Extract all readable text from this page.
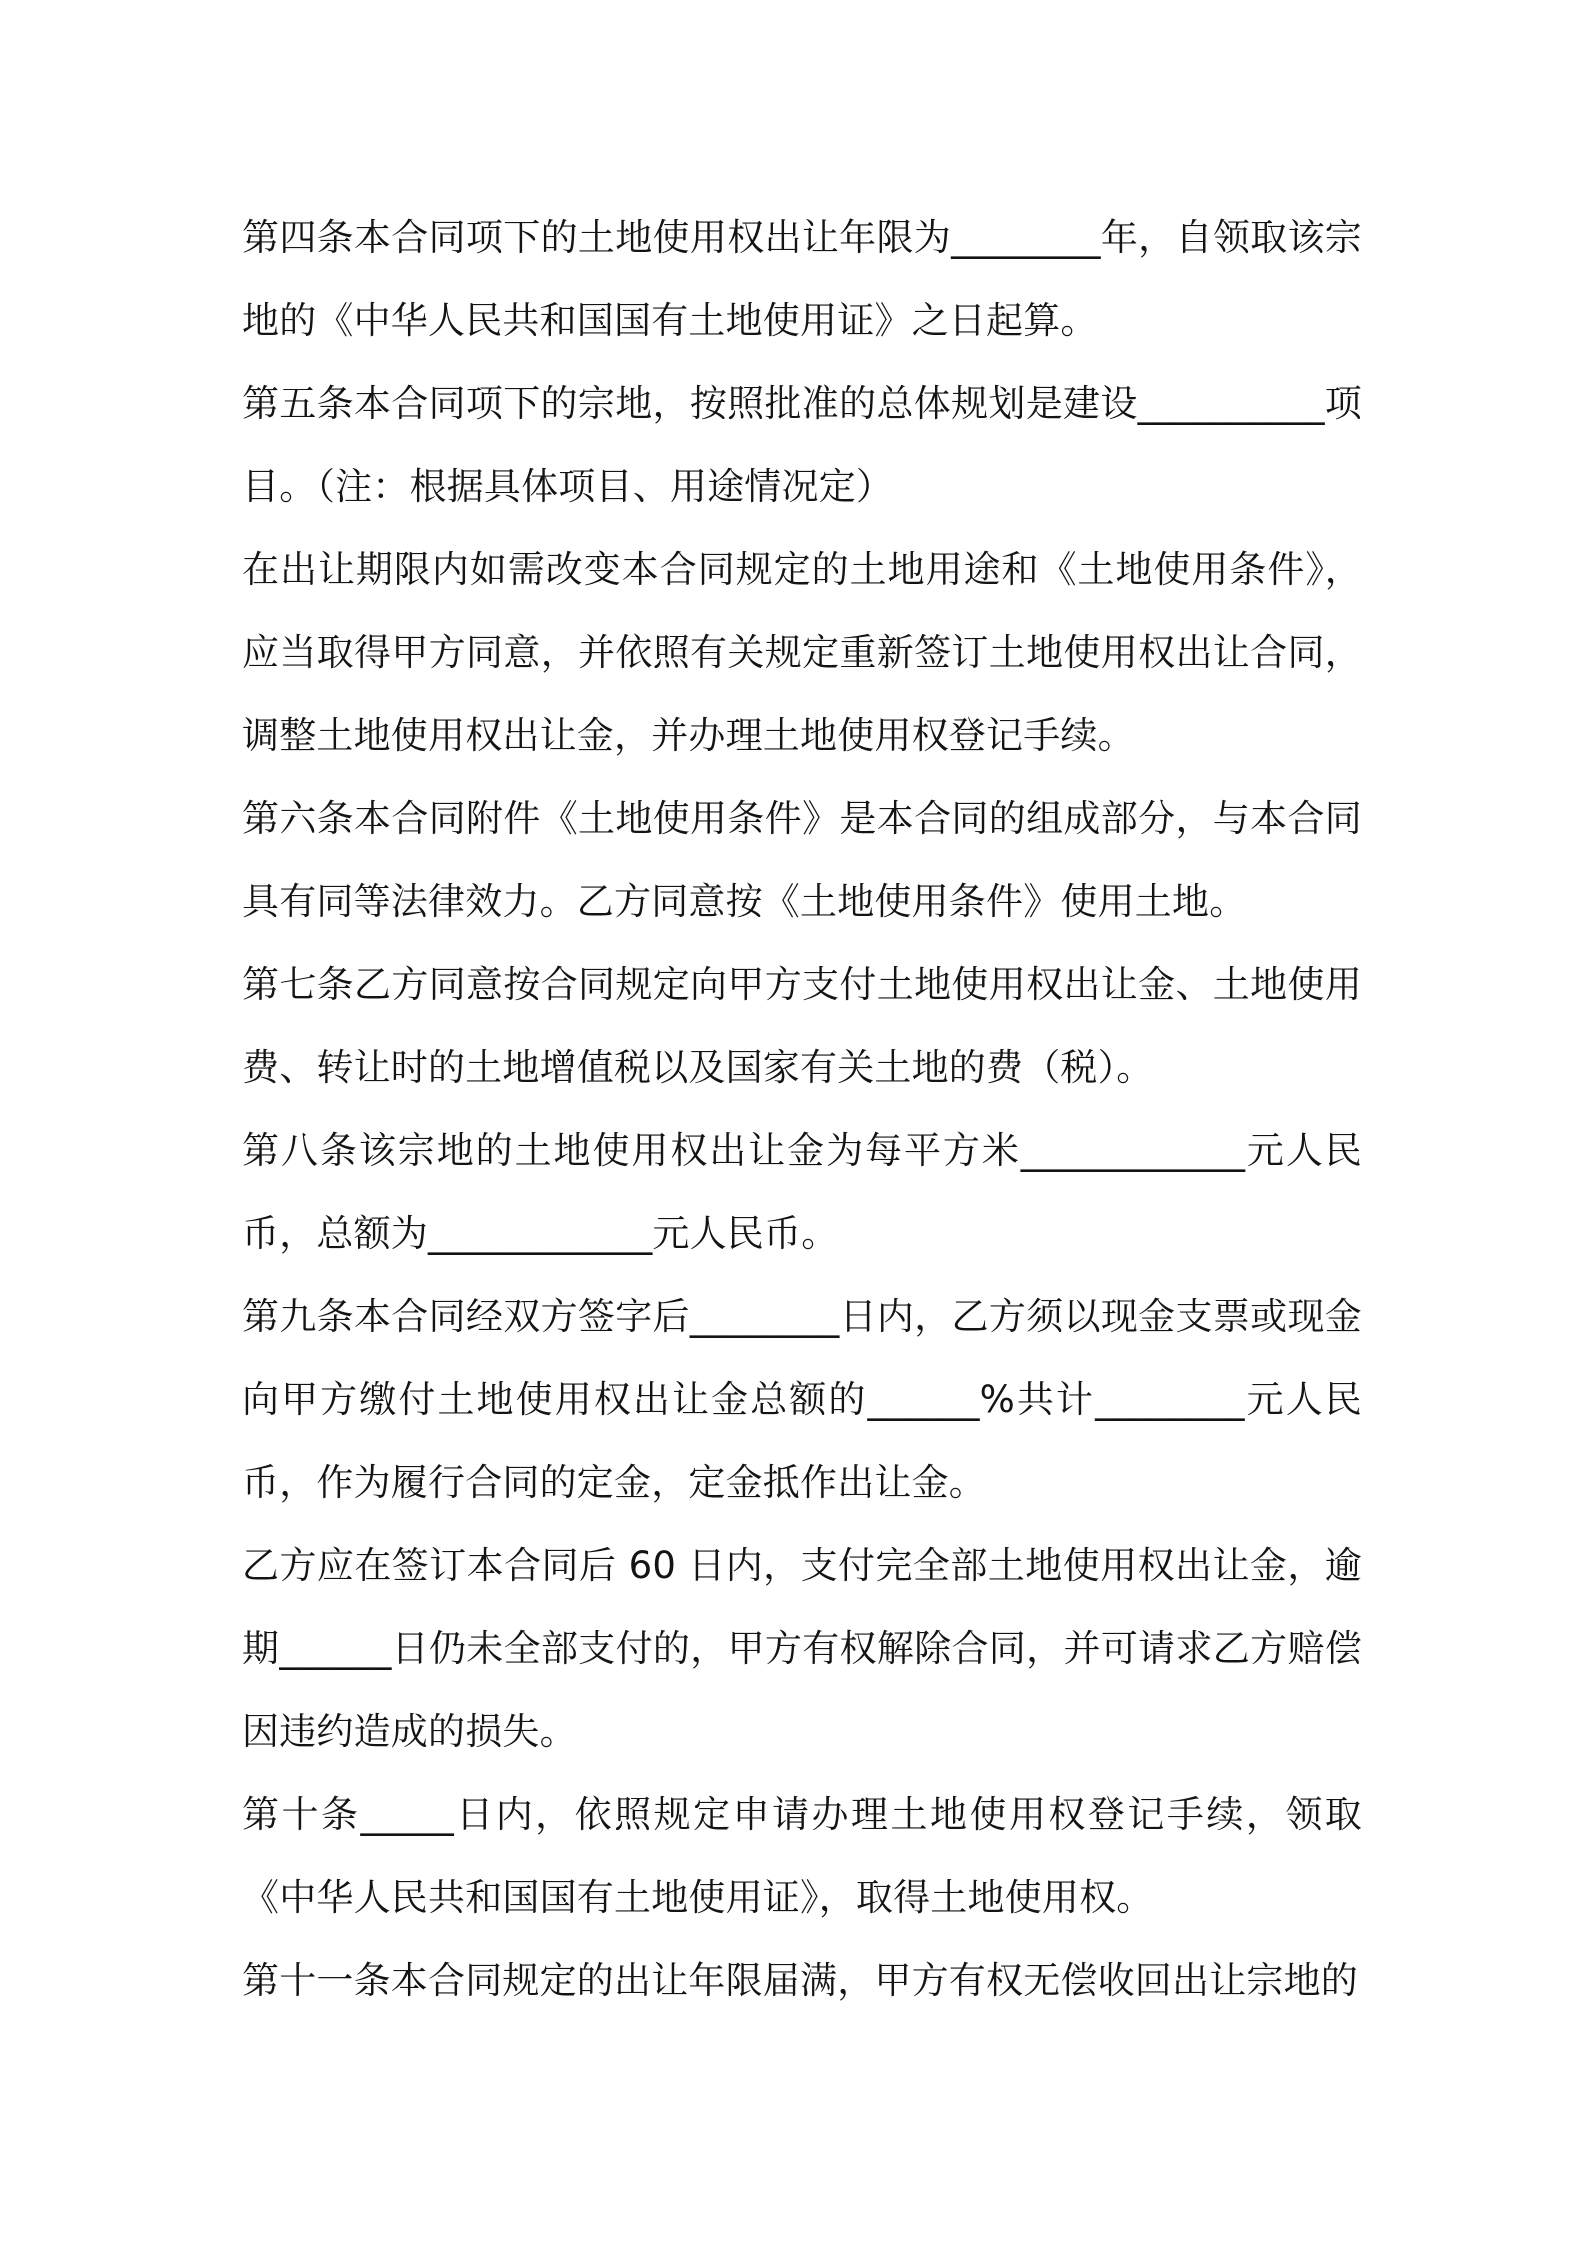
第四条本合同项下的土地使用权出让年限为________年，自领取该宗地的《中华人民共和国国有土地使用证》之日起算。

第五条本合同项下的宗地，按照批准的总体规划是建设__________项目。（注：根据具体项目、用途情况定）

在出让期限内如需改变本合同规定的土地用途和《土地使用条件》，应当取得甲方同意，并依照有关规定重新签订土地使用权出让合同，调整土地使用权出让金，并办理土地使用权登记手续。

第六条本合同附件《土地使用条件》是本合同的组成部分，与本合同具有同等法律效力。乙方同意按《土地使用条件》使用土地。

第七条乙方同意按合同规定向甲方支付土地使用权出让金、土地使用费、转让时的土地增值税以及国家有关土地的费（税）。

第八条该宗地的土地使用权出让金为每平方米____________元人民币，总额为____________元人民币。

第九条本合同经双方签字后________日内，乙方须以现金支票或现金向甲方缴付土地使用权出让金总额的______%共计________元人民币，作为履行合同的定金，定金抵作出让金。

乙方应在签订本合同后 60 日内，支付完全部土地使用权出让金，逾期______日仍未全部支付的，甲方有权解除合同，并可请求乙方赔偿因违约造成的损失。

第十条_____日内，依照规定申请办理土地使用权登记手续，领取《中华人民共和国国有土地使用证》，取得土地使用权。

第十一条本合同规定的出让年限届满，甲方有权无偿收回出让宗地的
